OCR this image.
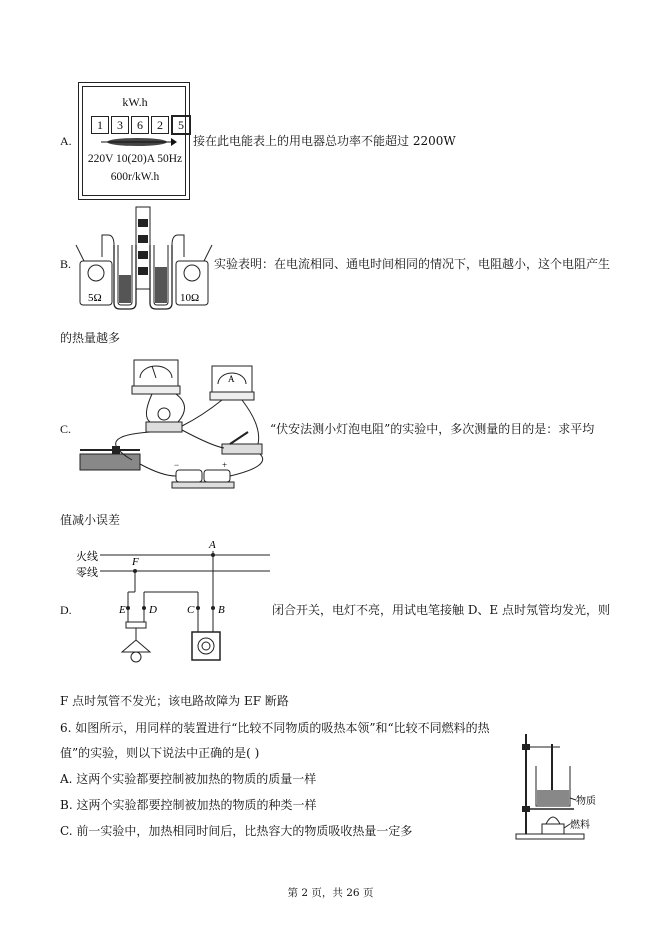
A.
kW.h
1 3 6 2 5
220V 10(20)A 50Hz
600r/kW.h
接在此电能表上的用电器总功率不能超过 2200W
B.
5Ω	10Ω
实验表明：在电流相同、通电时间相同的情况下，电阻越小，这个电阻产生
的热量越多
C.
A
−	+
“伏安法测小灯泡电阻”的实验中，多次测量的目的是：求平均
值减小误差
D.
火线
零线
A
F
E D	C B	闭合开关，电灯不亮，用试电笔接触 D、E 点时氖管均发光，则
F 点时氖管不发光；该电路故障为 EF 断路
6. 如图所示，用同样的装置进行“比较不同物质的吸热本领”和“比较不同燃料的热
值”的实验，则以下说法中正确的是( )
A. 这两个实验都要控制被加热的物质的质量一样
B. 这两个实验都要控制被加热的物质的种类一样
C. 前一实验中，加热相同时间后，比热容大的物质吸收热量一定多
物质
燃料
第 2 页，共 26 页
